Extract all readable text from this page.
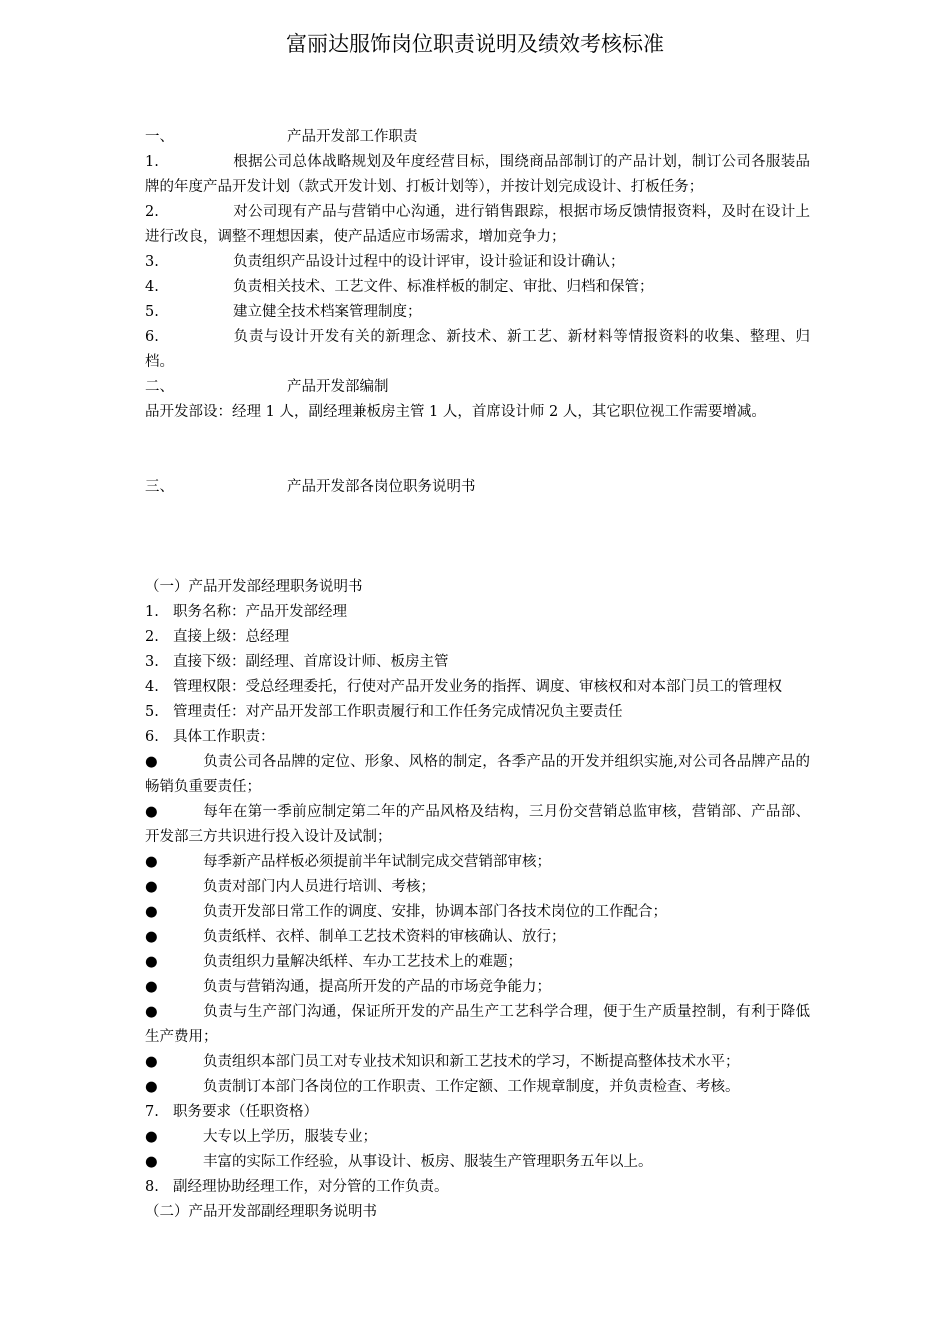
富丽达服饰岗位职责说明及绩效考核标准

一、	产品开发部工作职责

1.	根据公司总体战略规划及年度经营目标，围绕商品部制订的产品计划，制订公司各服装品牌的年度产品开发计划（款式开发计划、打板计划等），并按计划完成设计、打板任务；

2.	对公司现有产品与营销中心沟通，进行销售跟踪，根据市场反馈情报资料，及时在设计上进行改良，调整不理想因素，使产品适应市场需求，增加竞争力；

3.	负责组织产品设计过程中的设计评审，设计验证和设计确认；

4.	负责相关技术、工艺文件、标准样板的制定、审批、归档和保管；

5.	建立健全技术档案管理制度；

6.	负责与设计开发有关的新理念、新技术、新工艺、新材料等情报资料的收集、整理、归档。

二、	产品开发部编制

品开发部设：经理 1 人，副经理兼板房主管 1 人，首席设计师 2 人，其它职位视工作需要增减。

三、	产品开发部各岗位职务说明书

（一）产品开发部经理职务说明书

1. 职务名称：产品开发部经理

2. 直接上级：总经理

3. 直接下级：副经理、首席设计师、板房主管

4. 管理权限：受总经理委托，行使对产品开发业务的指挥、调度、审核权和对本部门员工的管理权

5. 管理责任：对产品开发部工作职责履行和工作任务完成情况负主要责任

6. 具体工作职责：

●	负责公司各品牌的定位、形象、风格的制定，各季产品的开发并组织实施,对公司各品牌产品的畅销负重要责任；

●	每年在第一季前应制定第二年的产品风格及结构，三月份交营销总监审核，营销部、产品部、开发部三方共识进行投入设计及试制；

●	每季新产品样板必须提前半年试制完成交营销部审核；

●	负责对部门内人员进行培训、考核；

●	负责开发部日常工作的调度、安排，协调本部门各技术岗位的工作配合；

●	负责纸样、衣样、制单工艺技术资料的审核确认、放行；

●	负责组织力量解决纸样、车办工艺技术上的难题；

●	负责与营销沟通，提高所开发的产品的市场竞争能力；

●	负责与生产部门沟通，保证所开发的产品生产工艺科学合理，便于生产质量控制，有利于降低生产费用；

●	负责组织本部门员工对专业技术知识和新工艺技术的学习，不断提高整体技术水平；

●	负责制订本部门各岗位的工作职责、工作定额、工作规章制度，并负责检查、考核。

7. 职务要求（任职资格）

●	大专以上学历，服装专业；

●	丰富的实际工作经验，从事设计、板房、服装生产管理职务五年以上。

8. 副经理协助经理工作，对分管的工作负责。

（二）产品开发部副经理职务说明书
